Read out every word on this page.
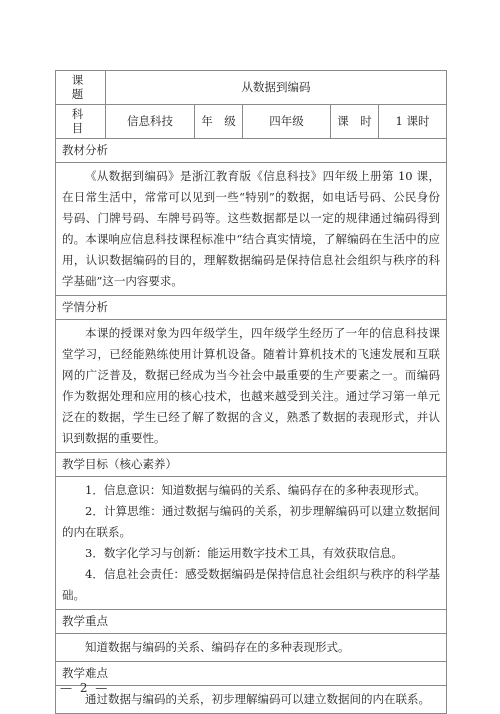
课　题	从数据到编码				
科　目	信息科技	年　级	四年级	课　时	1 课时

教材分析

《从数据到编码》是浙江教育版《信息科技》四年级上册第 10 课，在日常生活中，常常可以见到一些“特别”的数据，如电话号码、公民身份号码、门牌号码、车牌号码等。这些数据都是以一定的规律通过编码得到的。本课响应信息科技课程标准中“结合真实情境，了解编码在生活中的应用，认识数据编码的目的，理解数据编码是保持信息社会组织与秩序的科学基础”这一内容要求。					

学情分析

本课的授课对象为四年级学生，四年级学生经历了一年的信息科技课堂学习，已经能熟练使用计算机设备。随着计算机技术的飞速发展和互联网的广泛普及，数据已经成为当今社会中最重要的生产要素之一。而编码作为数据处理和应用的核心技术，也越来越受到关注。通过学习第一单元泛在的数据，学生已经了解了数据的含义，熟悉了数据的表现形式，并认识到数据的重要性。					

教学目标（核心素养）

1．信息意识：知道数据与编码的关系、编码存在的多种表现形式。

2．计算思维：通过数据与编码的关系，初步理解编码可以建立数据间的内在联系。

3．数字化学习与创新：能运用数字技术工具，有效获取信息。

4．信息社会责任：感受数据编码是保持信息社会组织与秩序的科学基础。					

教学重点

知道数据与编码的关系、编码存在的多种表现形式。					

教学难点

通过数据与编码的关系，初步理解编码可以建立数据间的内在联系。					

— 2 —
